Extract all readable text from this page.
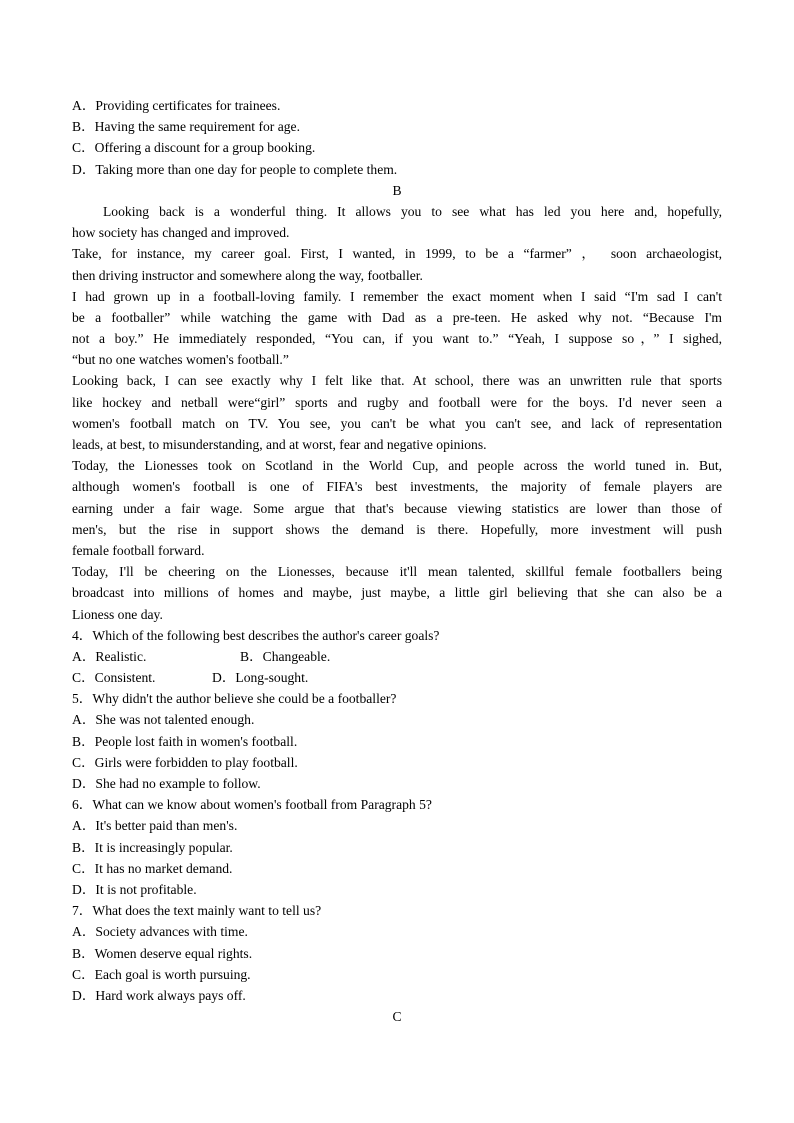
A．Providing certificates for trainees.
B．Having the same requirement for age.
C．Offering a discount for a group booking.
D．Taking more than one day for people to complete them.
B
Looking back is a wonderful thing. It allows you to see what has led you here and, hopefully,
how society has changed and improved.
Take, for instance, my career goal. First, I wanted, in 1999, to be a “farmer” ， soon archaeologist,
then driving instructor and somewhere along the way, footballer.
I had grown up in a football-loving family. I remember the exact moment when I said “I'm sad I can't
be a footballer” while watching the game with Dad as a pre-teen. He asked why not. “Because I'm
not a boy.” He immediately responded, “You can, if you want to.” “Yeah, I suppose so，” I sighed,
“but no one watches women's football.”
Looking back, I can see exactly why I felt like that. At school, there was an unwritten rule that sports
like hockey and netball were“girl” sports and rugby and football were for the boys. I'd never seen a
women's football match on TV. You see, you can't be what you can't see, and lack of representation
leads, at best, to misunderstanding, and at worst, fear and negative opinions.
Today, the Lionesses took on Scotland in the World Cup, and people across the world tuned in. But,
although women's football is one of FIFA's best investments, the majority of female players are
earning under a fair wage. Some argue that that's because viewing statistics are lower than those of
men's, but the rise in support shows the demand is there. Hopefully, more investment will push
female football forward.
Today, I'll be cheering on the Lionesses, because it'll mean talented, skillful female footballers being
broadcast into millions of homes and maybe, just maybe, a little girl believing that she can also be a
Lioness one day.
4．Which of the following best describes the author's career goals?
A．Realistic.	B．Changeable.
C．Consistent.	D．Long-sought.
5．Why didn't the author believe she could be a footballer?
A．She was not talented enough.
B．People lost faith in women's football.
C．Girls were forbidden to play football.
D．She had no example to follow.
6．What can we know about women's football from Paragraph 5?
A．It's better paid than men's.
B．It is increasingly popular.
C．It has no market demand.
D．It is not profitable.
7．What does the text mainly want to tell us?
A．Society advances with time.
B．Women deserve equal rights.
C．Each goal is worth pursuing.
D．Hard work always pays off.
C
